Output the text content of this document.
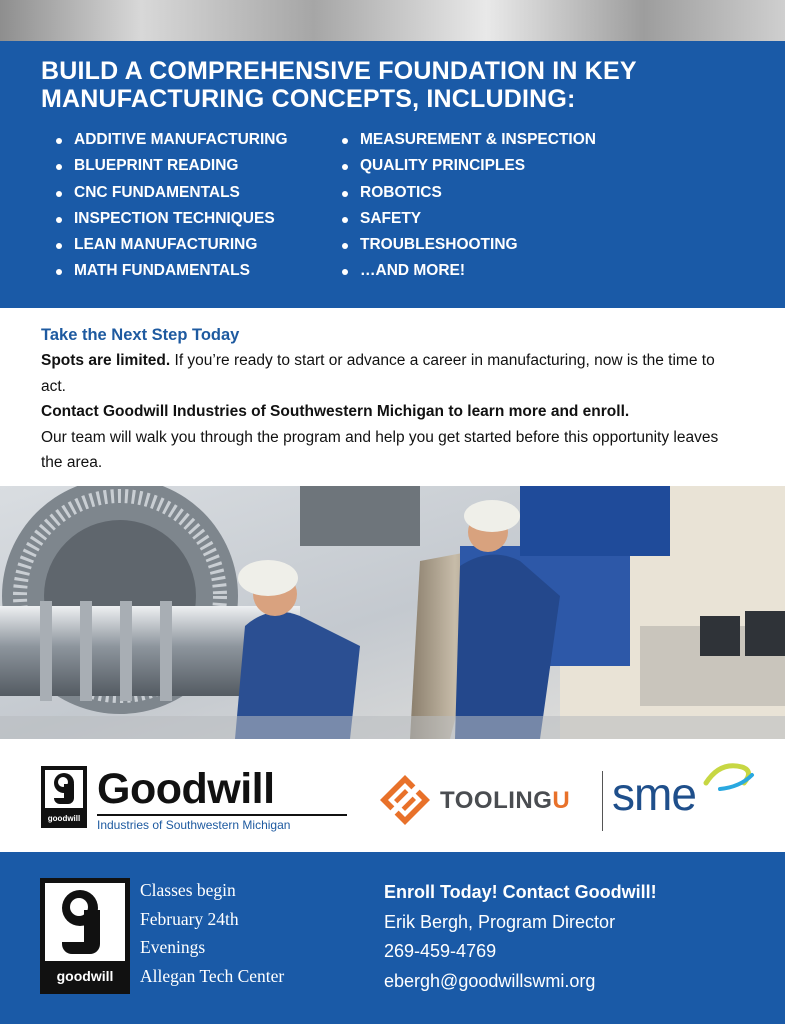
BUILD A COMPREHENSIVE FOUNDATION IN KEY
MANUFACTURING CONCEPTS, INCLUDING:
ADDITIVE MANUFACTURING
BLUEPRINT READING
CNC FUNDAMENTALS
INSPECTION TECHNIQUES
LEAN MANUFACTURING
MATH FUNDAMENTALS
MEASUREMENT & INSPECTION
QUALITY PRINCIPLES
ROBOTICS
SAFETY
TROUBLESHOOTING
…AND MORE!
Take the Next Step Today

Spots are limited. If you’re ready to start or advance a career in manufacturing, now is the time to act.

Contact Goodwill Industries of Southwestern Michigan to learn more and enroll.

Our team will walk you through the program and help you get started before this opportunity leaves the area.

goodwill
Goodwill
Industries of Southwestern Michigan
TOOLINGU sme
goodwill
Classes begin
February 24th
Evenings
Allegan Tech Center
Enroll Today! Contact Goodwill!
Erik Bergh, Program Director
269-459-4769
ebergh@goodwillswmi.org
